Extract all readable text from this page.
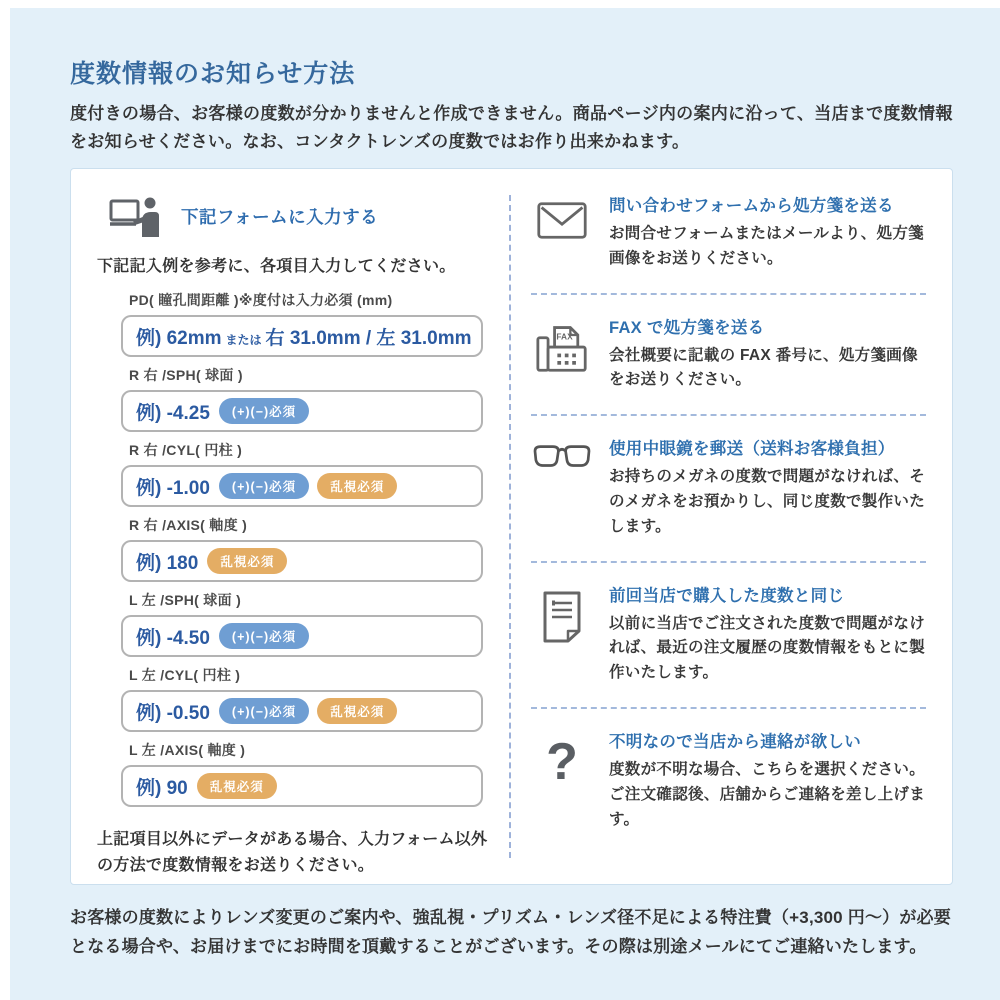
度数情報のお知らせ方法

度付きの場合、お客様の度数が分かりませんと作成できません。商品ページ内の案内に沿って、当店まで度数情報をお知らせください。なお、コンタクトレンズの度数ではお作り出来かねます。

下記フォームに入力する

下記記入例を参考に、各項目入力してください。

PD( 瞳孔間距離 )※度付は入力必須 (mm)
例) 62mm または 右 31.0mm / 左 31.0mm
R 右 /SPH( 球面 )
例) -4.25	(+)(−)必須
R 右 /CYL( 円柱 )
例) -1.00	(+)(−)必須	乱視必須
R 右 /AXIS( 軸度 )
例) 180	乱視必須
L 左 /SPH( 球面 )
例) -4.50	(+)(−)必須
L 左 /CYL( 円柱 )
例) -0.50	(+)(−)必須	乱視必須
L 左 /AXIS( 軸度 )
例) 90	乱視必須

上記項目以外にデータがある場合、入力フォーム以外の方法で度数情報をお送りください。

問い合わせフォームから処方箋を送る
お問合せフォームまたはメールより、処方箋画像をお送りください。
FAX FAX で処方箋を送る
会社概要に記載の FAX 番号に、処方箋画像をお送りください。
使用中眼鏡を郵送（送料お客様負担）
お持ちのメガネの度数で問題がなければ、そのメガネをお預かりし、同じ度数で製作いたします。
前回当店で購入した度数と同じ
以前に当店でご注文された度数で問題がなければ、最近の注文履歴の度数情報をもとに製作いたします。
? 不明なので当店から連絡が欲しい
度数が不明な場合、こちらを選択ください。ご注文確認後、店舗からご連絡を差し上げます。

お客様の度数によりレンズ変更のご案内や、強乱視・プリズム・レンズ径不足による特注費（+3,300 円〜）が必要となる場合や、お届けまでにお時間を頂戴することがございます。その際は別途メールにてご連絡いたします。
